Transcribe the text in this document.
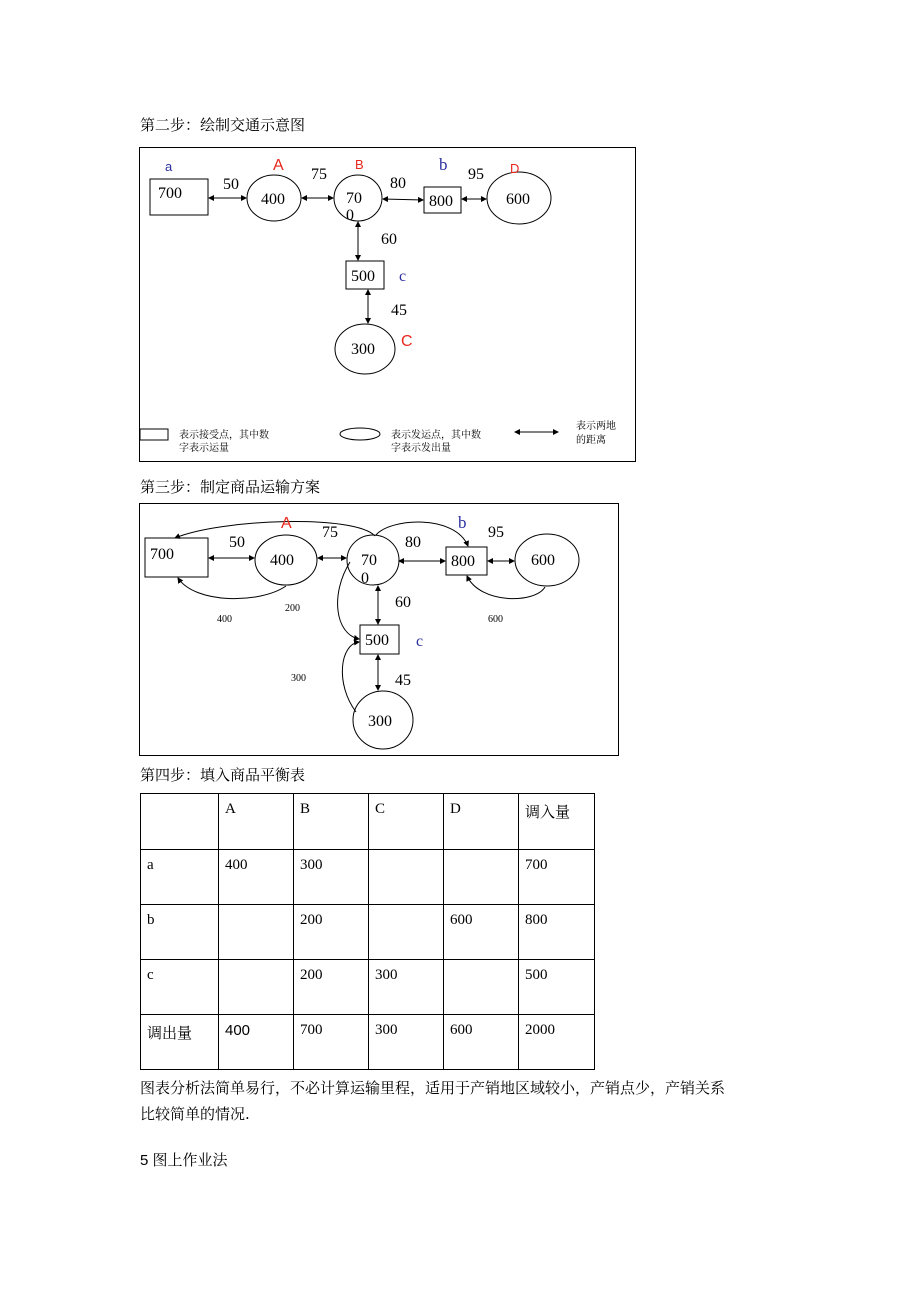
第二步：绘制交通示意图
700	400	70
0
800	600
500
300
50
75
80
95
60
45
a	A	B	b	D
c
C
表示接受点，其中数
字表示运量
表示发运点，其中数
字表示发出量
表示两地
的距离
第三步：制定商品运输方案
700	400	70
0
800	600
500
300
50
75
80
95
60
45
A	b
c
400
200
600
300
第四步：填入商品平衡表
	A	B	C	D	调入量
a	400	300			700
b		200		600	800
c		200	300		500
调出量	400	700	300	600	2000
图表分析法简单易行，不必计算运输里程，适用于产销地区域较小，产销点少，产销关系
比较简单的情况.
5 图上作业法
